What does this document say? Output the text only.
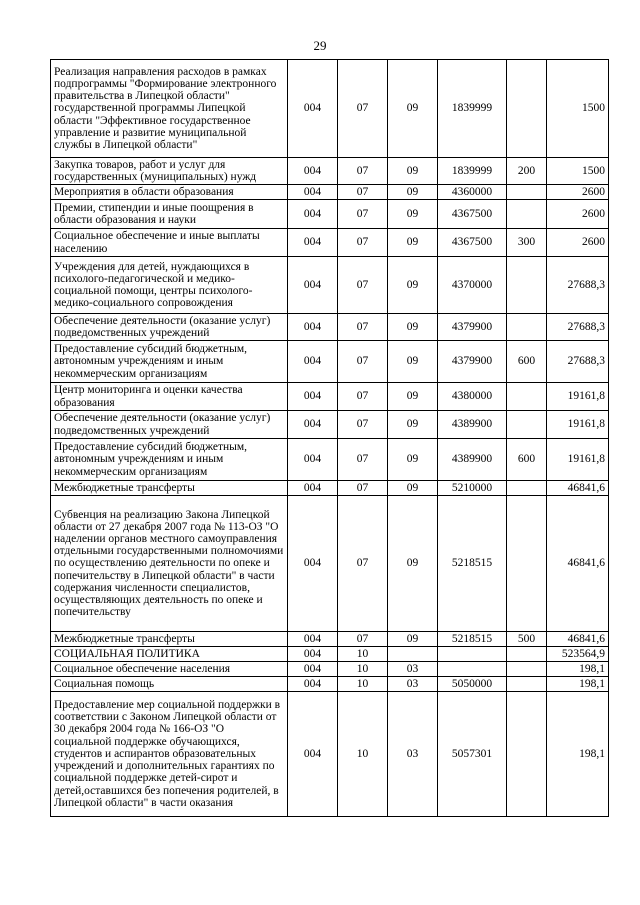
29
Реализация направления расходов в рамках подпрограммы "Формирование электронного правительства в Липецкой области" государственной программы Липецкой области "Эффективное государственное управление и развитие муниципальной службы в Липецкой области"	004	07	09	1839999		1500
Закупка товаров, работ и услуг для государственных (муниципальных) нужд	004	07	09	1839999	200	1500
Мероприятия в области образования	004	07	09	4360000		2600
Премии, стипендии и иные поощрения в области образования и науки	004	07	09	4367500		2600
Социальное обеспечение и иные выплаты населению	004	07	09	4367500	300	2600
Учреждения для детей, нуждающихся в психолого-педагогической и медико-социальной помощи, центры психолого-медико-социального сопровождения	004	07	09	4370000		27688,3
Обеспечение деятельности (оказание услуг) подведомственных учреждений	004	07	09	4379900		27688,3
Предоставление субсидий бюджетным, автономным учреждениям и иным некоммерческим организациям	004	07	09	4379900	600	27688,3
Центр мониторинга и оценки качества образования	004	07	09	4380000		19161,8
Обеспечение деятельности (оказание услуг) подведомственных учреждений	004	07	09	4389900		19161,8
Предоставление субсидий бюджетным, автономным учреждениям и иным некоммерческим организациям	004	07	09	4389900	600	19161,8
Межбюджетные трансферты	004	07	09	5210000		46841,6
Субвенция на реализацию Закона Липецкой области от 27 декабря 2007 года № 113-ОЗ "О наделении органов местного самоуправления отдельными государственными полномочиями по осуществлению деятельности по опеке и попечительству в Липецкой области" в части содержания численности специалистов, осуществляющих деятельность по опеке и попечительству	004	07	09	5218515		46841,6
Межбюджетные трансферты	004	07	09	5218515	500	46841,6
СОЦИАЛЬНАЯ ПОЛИТИКА	004	10				523564,9
Социальное обеспечение населения	004	10	03			198,1
Социальная помощь	004	10	03	5050000		198,1
Предоставление мер социальной поддержки в соответствии с Законом Липецкой области от 30 декабря 2004 года № 166-ОЗ "О социальной поддержке обучающихся, студентов и аспирантов образовательных учреждений и дополнительных гарантиях по социальной поддержке детей-сирот и детей,оставшихся без попечения родителей, в Липецкой области" в части оказания	004	10	03	5057301		198,1
